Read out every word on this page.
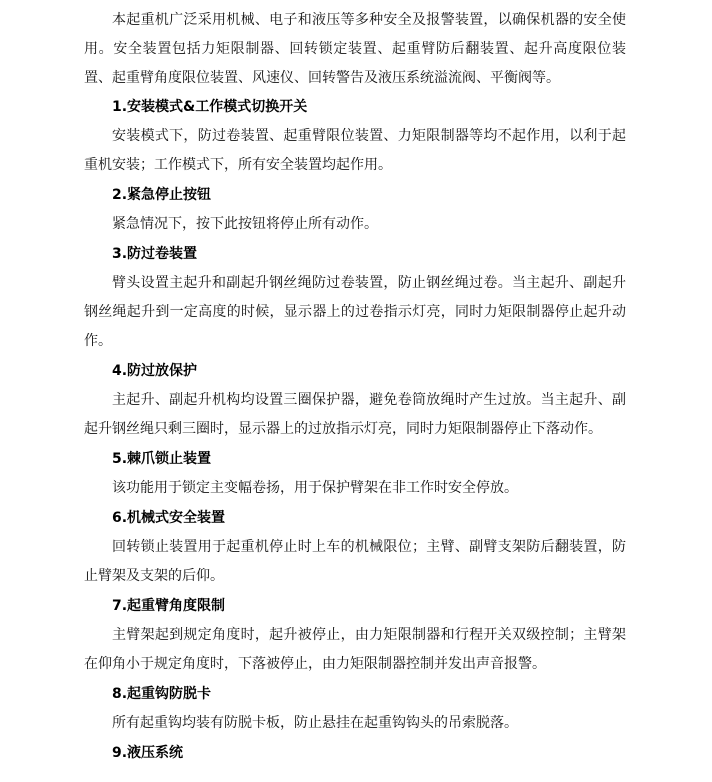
本起重机广泛采用机械、电子和液压等多种安全及报警装置，以确保机器的安全使用。安全装置包括力矩限制器、回转锁定装置、起重臂防后翻装置、起升高度限位装置、起重臂角度限位装置、风速仪、回转警告及液压系统溢流阀、平衡阀等。

1.安装模式&工作模式切换开关

安装模式下，防过卷装置、起重臂限位装置、力矩限制器等均不起作用，以利于起重机安装；工作模式下，所有安全装置均起作用。

2.紧急停止按钮

紧急情况下，按下此按钮将停止所有动作。

3.防过卷装置

臂头设置主起升和副起升钢丝绳防过卷装置，防止钢丝绳过卷。当主起升、副起升钢丝绳起升到一定高度的时候，显示器上的过卷指示灯亮，同时力矩限制器停止起升动作。

4.防过放保护

主起升、副起升机构均设置三圈保护器，避免卷筒放绳时产生过放。当主起升、副起升钢丝绳只剩三圈时，显示器上的过放指示灯亮，同时力矩限制器停止下落动作。

5.棘爪锁止装置

该功能用于锁定主变幅卷扬，用于保护臂架在非工作时安全停放。

6.机械式安全装置

回转锁止装置用于起重机停止时上车的机械限位；主臂、副臂支架防后翻装置，防止臂架及支架的后仰。

7.起重臂角度限制

主臂架起到规定角度时，起升被停止，由力矩限制器和行程开关双级控制；主臂架在仰角小于规定角度时，下落被停止，由力矩限制器控制并发出声音报警。

8.起重钩防脱卡

所有起重钩均装有防脱卡板，防止悬挂在起重钩钩头的吊索脱落。

9.液压系统
